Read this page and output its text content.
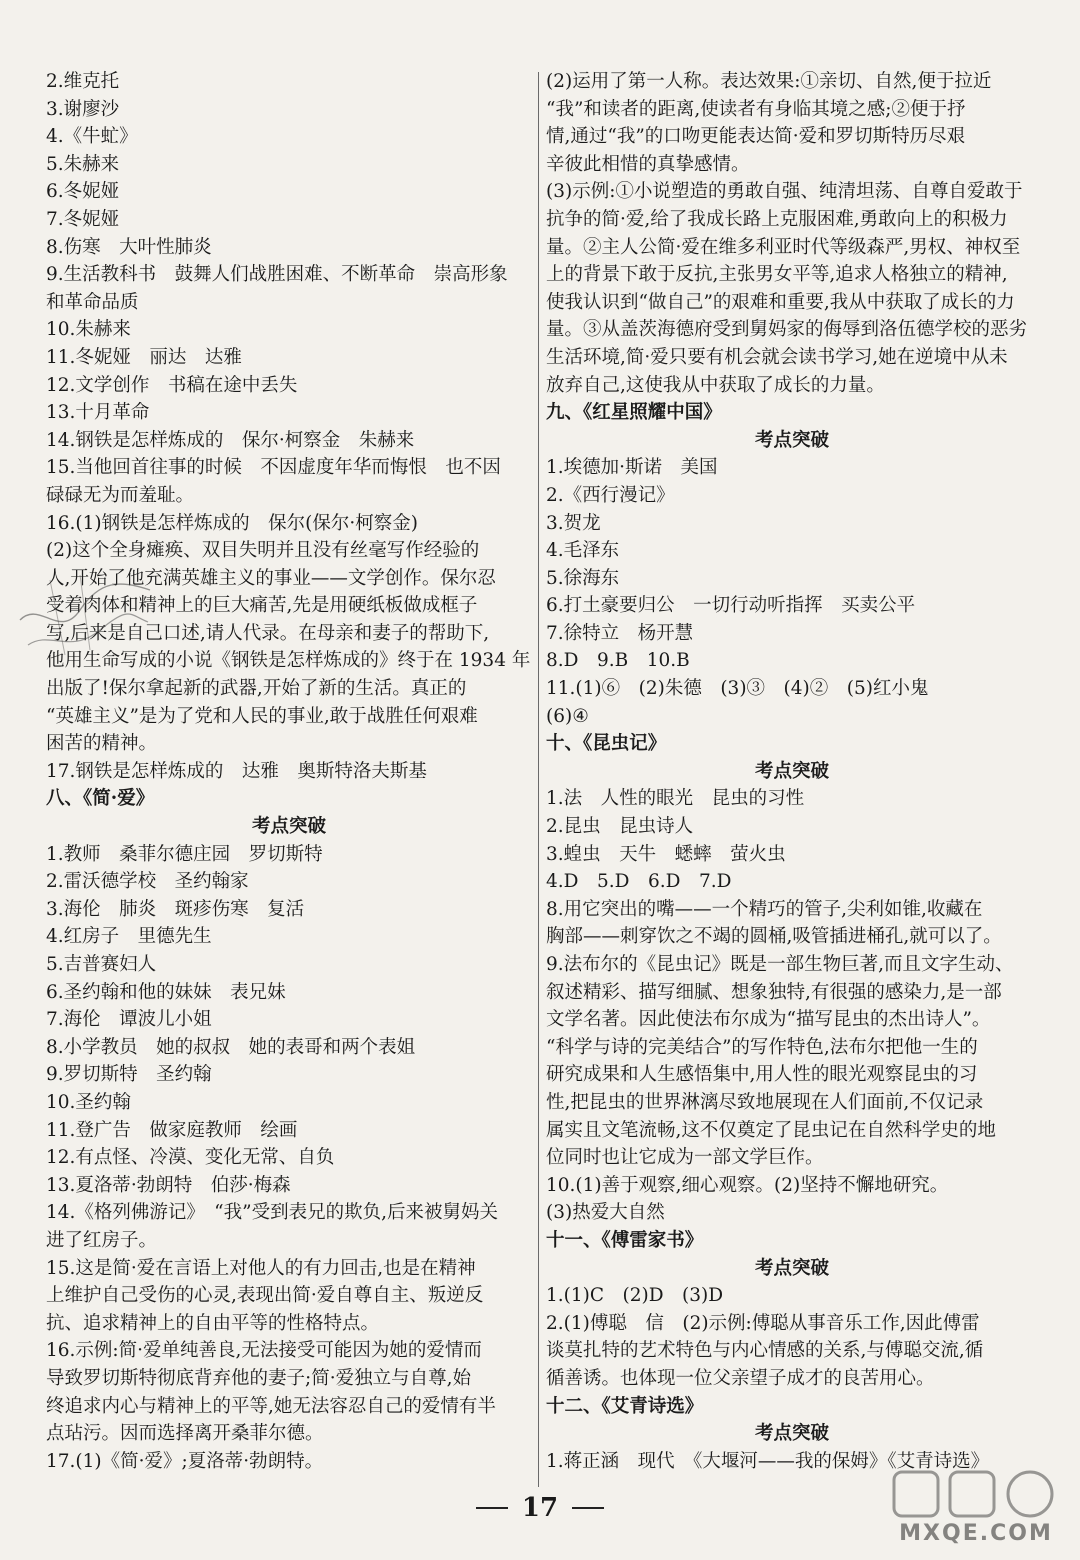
2.维克托
3.谢廖沙
4.《牛虻》
5.朱赫来
6.冬妮娅
7.冬妮娅
8.伤寒　大叶性肺炎
9.生活教科书　鼓舞人们战胜困难、不断革命　崇高形象
和革命品质
10.朱赫来
11.冬妮娅　丽达　达雅
12.文学创作　书稿在途中丢失
13.十月革命
14.钢铁是怎样炼成的　保尔·柯察金　朱赫来
15.当他回首往事的时候　不因虚度年华而悔恨　也不因
碌碌无为而羞耻。
16.(1)钢铁是怎样炼成的　保尔(保尔·柯察金)
(2)这个全身瘫痪、双目失明并且没有丝毫写作经验的
人,开始了他充满英雄主义的事业——文学创作。保尔忍
受着肉体和精神上的巨大痛苦,先是用硬纸板做成框子
写,后来是自己口述,请人代录。在母亲和妻子的帮助下,
他用生命写成的小说《钢铁是怎样炼成的》终于在 1934 年
出版了!保尔拿起新的武器,开始了新的生活。真正的
“英雄主义”是为了党和人民的事业,敢于战胜任何艰难
困苦的精神。
17.钢铁是怎样炼成的　达雅　奥斯特洛夫斯基
八、《简·爱》
考点突破
1.教师　桑菲尔德庄园　罗切斯特
2.雷沃德学校　圣约翰家
3.海伦　肺炎　斑疹伤寒　复活
4.红房子　里德先生
5.吉普赛妇人
6.圣约翰和他的妹妹　表兄妹
7.海伦　谭波儿小姐
8.小学教员　她的叔叔　她的表哥和两个表姐
9.罗切斯特　圣约翰
10.圣约翰
11.登广告　做家庭教师　绘画
12.有点怪、冷漠、变化无常、自负
13.夏洛蒂·勃朗特　伯莎·梅森
14.《格列佛游记》　“我”受到表兄的欺负,后来被舅妈关
进了红房子。
15.这是简·爱在言语上对他人的有力回击,也是在精神
上维护自己受伤的心灵,表现出简·爱自尊自主、叛逆反
抗、追求精神上的自由平等的性格特点。
16.示例:简·爱单纯善良,无法接受可能因为她的爱情而
导致罗切斯特彻底背弃他的妻子;简·爱独立与自尊,始
终追求内心与精神上的平等,她无法容忍自己的爱情有半
点玷污。因而选择离开桑菲尔德。
17.(1)《简·爱》;夏洛蒂·勃朗特。
(2)运用了第一人称。表达效果:①亲切、自然,便于拉近
“我”和读者的距离,使读者有身临其境之感;②便于抒
情,通过“我”的口吻更能表达简·爱和罗切斯特历尽艰
辛彼此相惜的真挚感情。
(3)示例:①小说塑造的勇敢自强、纯清坦荡、自尊自爱敢于
抗争的简·爱,给了我成长路上克服困难,勇敢向上的积极力
量。②主人公简·爱在维多利亚时代等级森严,男权、神权至
上的背景下敢于反抗,主张男女平等,追求人格独立的精神,
使我认识到“做自己”的艰难和重要,我从中获取了成长的力
量。③从盖茨海德府受到舅妈家的侮辱到洛伍德学校的恶劣
生活环境,简·爱只要有机会就会读书学习,她在逆境中从未
放弃自己,这使我从中获取了成长的力量。
九、《红星照耀中国》
考点突破
1.埃德加·斯诺　美国
2.《西行漫记》
3.贺龙
4.毛泽东
5.徐海东
6.打土豪要归公　一切行动听指挥　买卖公平
7.徐特立　杨开慧
8.D　9.B　10.B
11.(1)⑥　(2)朱德　(3)③　(4)②　(5)红小鬼
(6)④
十、《昆虫记》
考点突破
1.法　人性的眼光　昆虫的习性
2.昆虫　昆虫诗人
3.蝗虫　天牛　蟋蟀　萤火虫
4.D　5.D　6.D　7.D
8.用它突出的嘴——一个精巧的管子,尖利如锥,收藏在
胸部——刺穿饮之不竭的圆桶,吸管插进桶孔,就可以了。
9.法布尔的《昆虫记》既是一部生物巨著,而且文字生动、
叙述精彩、描写细腻、想象独特,有很强的感染力,是一部
文学名著。因此使法布尔成为“描写昆虫的杰出诗人”。
“科学与诗的完美结合”的写作特色,法布尔把他一生的
研究成果和人生感悟集中,用人性的眼光观察昆虫的习
性,把昆虫的世界淋漓尽致地展现在人们面前,不仅记录
属实且文笔流畅,这不仅奠定了昆虫记在自然科学史的地
位同时也让它成为一部文学巨作。
10.(1)善于观察,细心观察。(2)坚持不懈地研究。
(3)热爱大自然
十一、《傅雷家书》
考点突破
1.(1)C　(2)D　(3)D
2.(1)傅聪　信　(2)示例:傅聪从事音乐工作,因此傅雷
谈莫扎特的艺术特色与内心情感的关系,与傅聪交流,循
循善诱。也体现一位父亲望子成才的良苦用心。
十二、《艾青诗选》
考点突破
1.蒋正涵　现代　《大堰河——我的保姆》《艾青诗选》
17
MXQE.COM
